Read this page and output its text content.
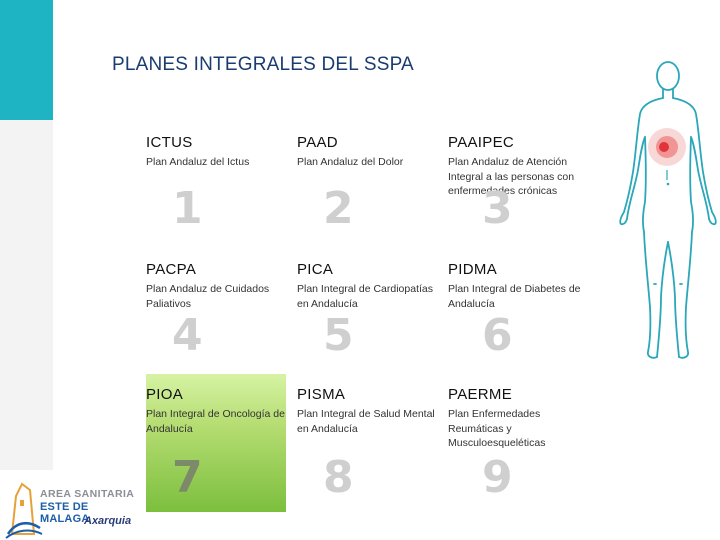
PLANES INTEGRALES DEL SSPA
ICTUS
Plan Andaluz del Ictus
1
PAAD
Plan Andaluz del Dolor
2
PAAIPEC
Plan Andaluz de Atención Integral a las personas con enfermedades crónicas
3
PACPA
Plan Andaluz de Cuidados Paliativos
4
PICA
Plan Integral de Cardiopatías en Andalucía
5
PIDMA
Plan Integral de Diabetes de Andalucía
6
PIOA
Plan Integral de Oncología de Andalucía
7
PISMA
Plan Integral de Salud Mental en Andalucía
8
PAERME
Plan Enfermedades Reumáticas y Musculoesqueléticas
9
AREA SANITARIA
ESTE DE MALAGA
Axarquia
